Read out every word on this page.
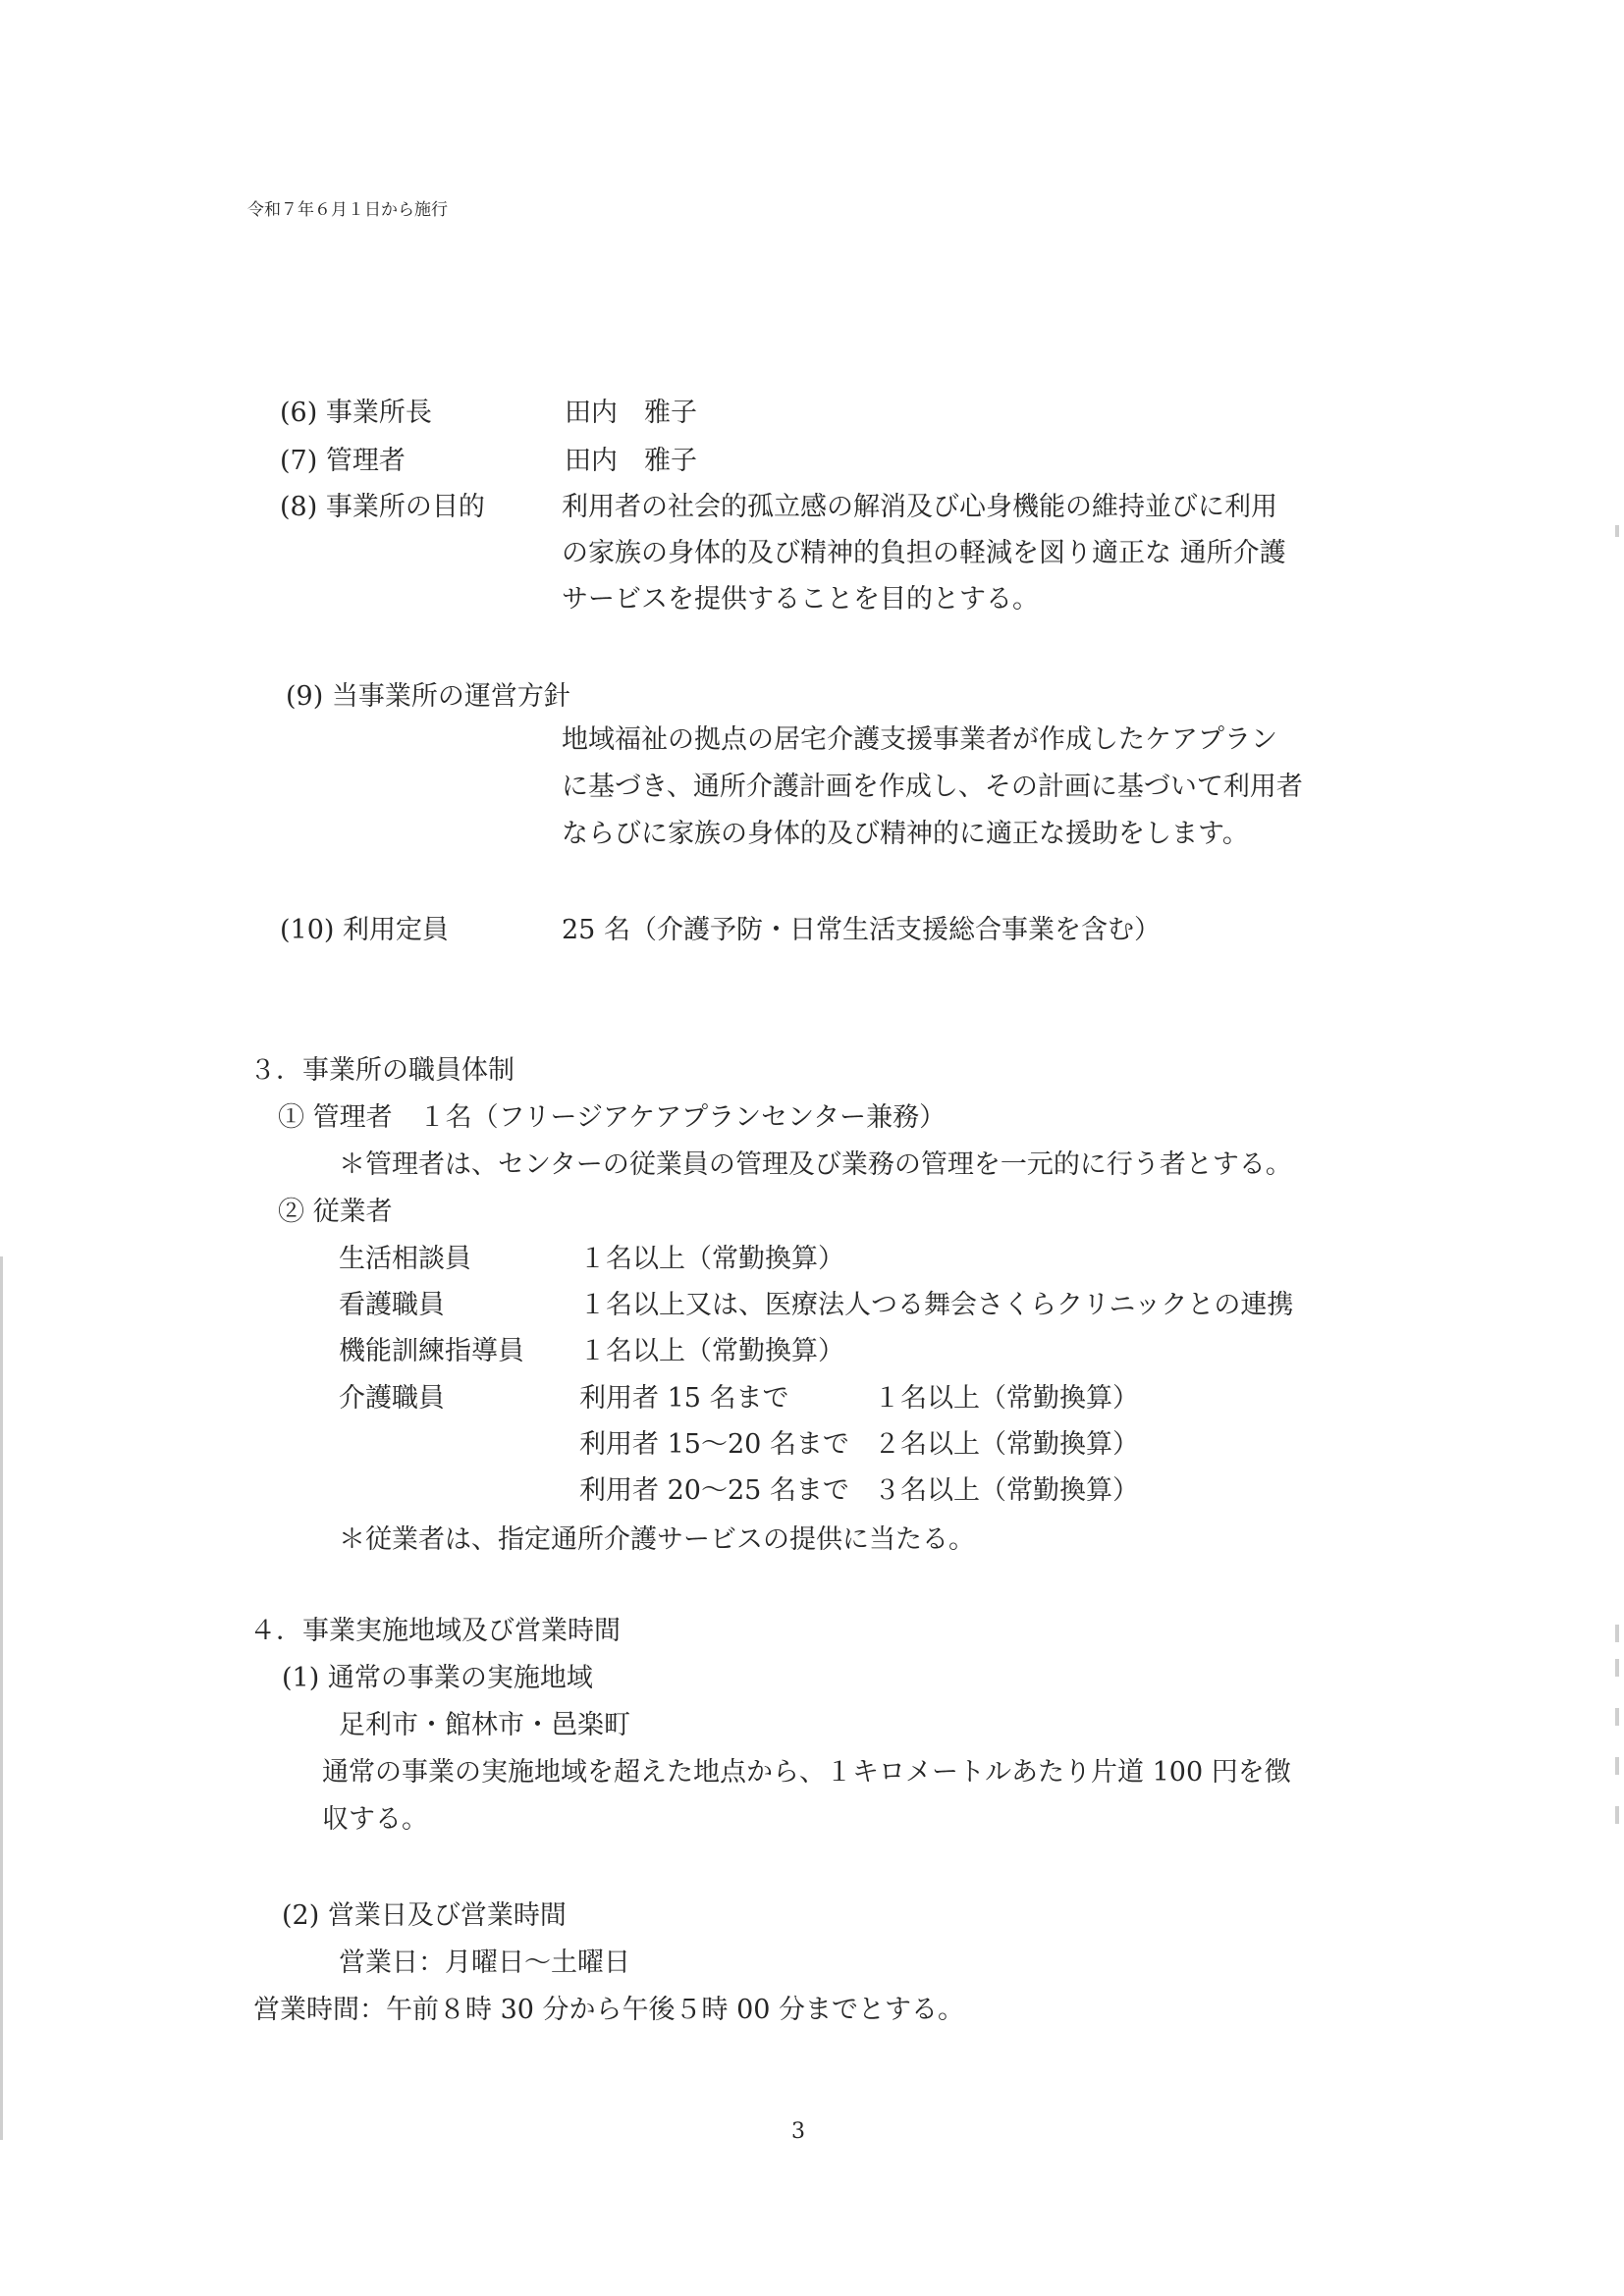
令和７年６月１日から施行
(6) 事業所長	田内　雅子
(7) 管理者	田内　雅子
(8) 事業所の目的	利用者の社会的孤立感の解消及び心身機能の維持並びに利用
の家族の身体的及び精神的負担の軽減を図り適正な 通所介護
サービスを提供することを目的とする。
(9) 当事業所の運営方針
地域福祉の拠点の居宅介護支援事業者が作成したケアプラン
に基づき、通所介護計画を作成し、その計画に基づいて利用者
ならびに家族の身体的及び精神的に適正な援助をします。
(10) 利用定員	25 名（介護予防・日常生活支援総合事業を含む）
３．事業所の職員体制
① 管理者　１名（フリージアケアプランセンター兼務）
＊管理者は、センターの従業員の管理及び業務の管理を一元的に行う者とする。
② 従業者
生活相談員	１名以上（常勤換算）
看護職員	１名以上又は、医療法人つる舞会さくらクリニックとの連携
機能訓練指導員 １名以上（常勤換算）
介護職員	利用者 15 名まで	１名以上（常勤換算）
利用者 15～20 名まで ２名以上（常勤換算）
利用者 20～25 名まで ３名以上（常勤換算）
＊従業者は、指定通所介護サービスの提供に当たる。
４．事業実施地域及び営業時間
(1) 通常の事業の実施地域
足利市・館林市・邑楽町
通常の事業の実施地域を超えた地点から、１キロメートルあたり片道 100 円を徴
収する。
(2) 営業日及び営業時間
営業日：月曜日～土曜日
営業時間：午前８時 30 分から午後５時 00 分までとする。
3
